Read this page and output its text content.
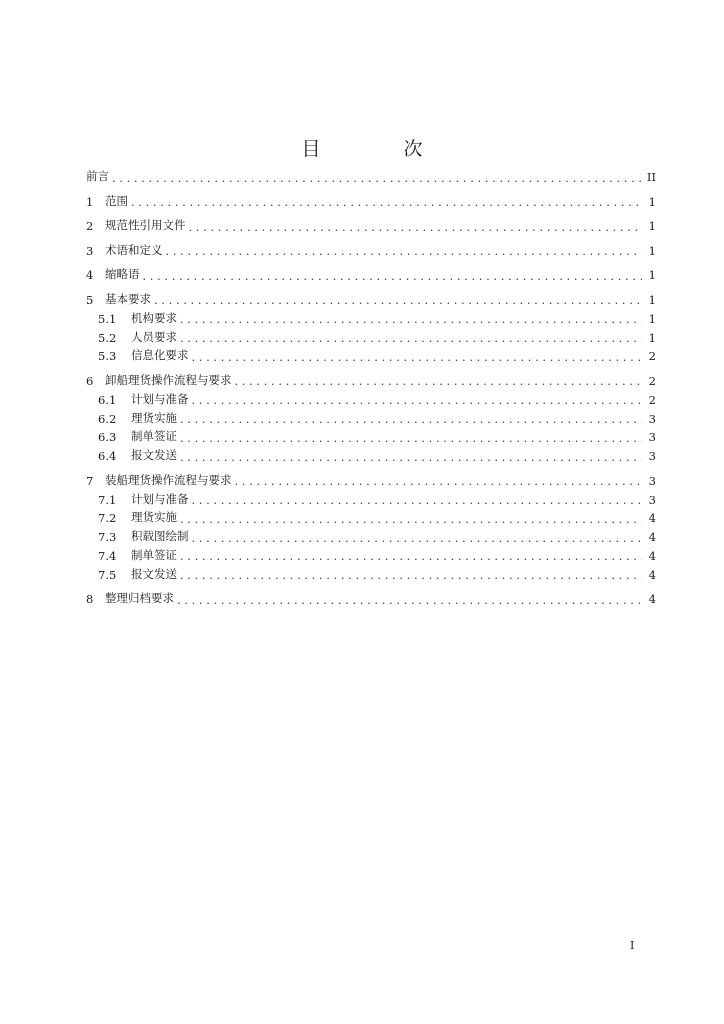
目　次
前言 . . .	II
1	范围 . . .	1
2	规范性引用文件 . . .	1
3	术语和定义 . . .	1
4	缩略语 . . .	1
5	基本要求 . . .	1
5.1	机构要求 . . .	1
5.2	人员要求 . . .	1
5.3	信息化要求 . . .	2
6	卸船理货操作流程与要求 . . .	2
6.1	计划与准备 . . .	2
6.2	理货实施 . . .	3
6.3	制单签证 . . .	3
6.4	报文发送 . . .	3
7	装船理货操作流程与要求 . . .	3
7.1	计划与准备 . . .	3
7.2	理货实施 . . .	4
7.3	积载图绘制 . . .	4
7.4	制单签证 . . .	4
7.5	报文发送 . . .	4
8	整理归档要求 . . .	4
I
